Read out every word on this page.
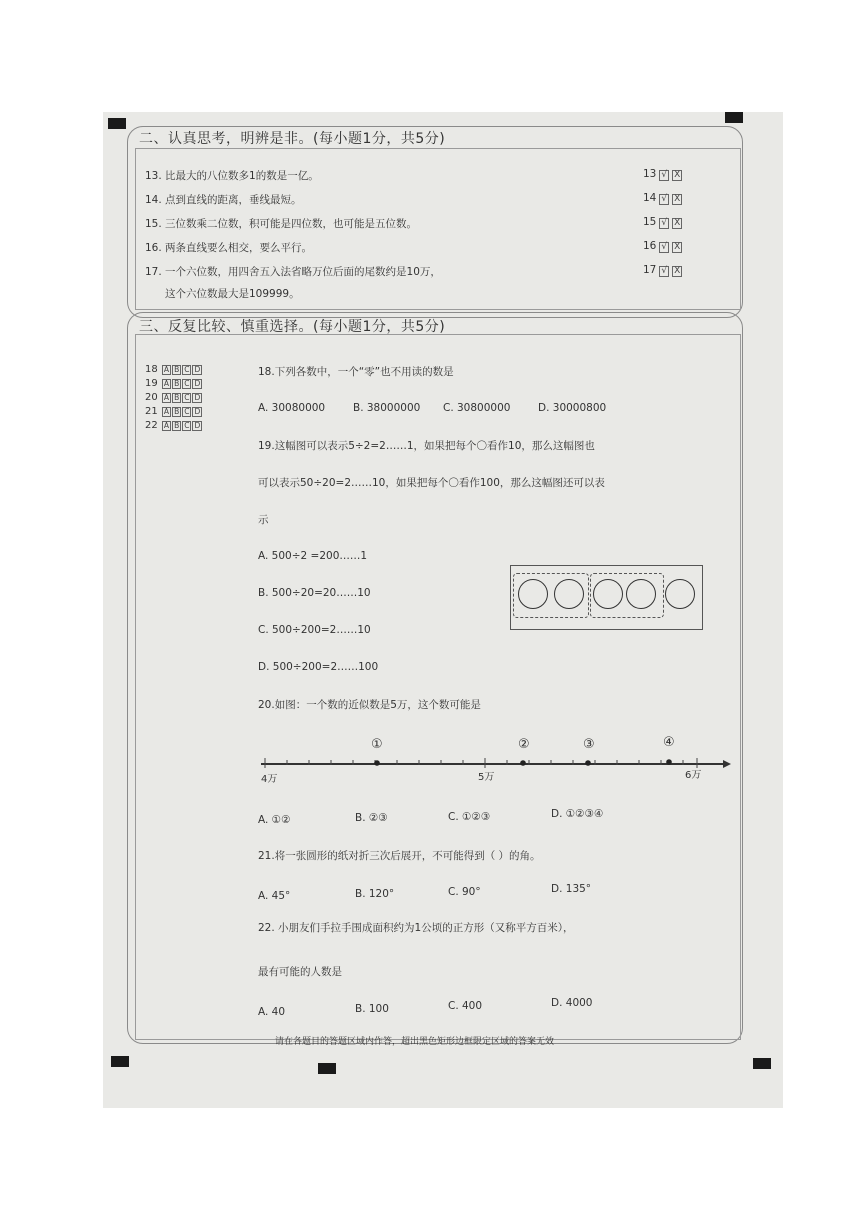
二、认真思考，明辨是非。(每小题1分，共5分)
13. 比最大的八位数多1的数是一亿。
14. 点到直线的距离，垂线最短。
15. 三位数乘二位数，积可能是四位数，也可能是五位数。
16. 两条直线要么相交，要么平行。
17. 一个六位数，用四舍五入法省略万位后面的尾数约是10万，
这个六位数最大是109999。
13 √ X
14 √ X
15 √ X
16 √ X
17 √ X
三、反复比较、慎重选择。(每小题1分，共5分)
18 A B C D
19 A B C D
20 A B C D
21 A B C D
22 A B C D
18.下列各数中，一个“零”也不用读的数是
A. 30080000	B. 38000000 C. 30800000	D. 30000800
19.这幅图可以表示5÷2=2……1，如果把每个〇看作10，那么这幅图也
可以表示50÷20=2……10，如果把每个〇看作100，那么这幅图还可以表
示
A. 500÷2 =200……1
B. 500÷20=20……10
C. 500÷200=2……10
D. 500÷200=2……100
20.如图：一个数的近似数是5万，这个数可能是
①	②	③	④
4万	5万	6万
A. ①②	B. ②③	C. ①②③	D. ①②③④
21.将一张圆形的纸对折三次后展开，不可能得到（ ）的角。
A. 45°	B. 120°	C. 90°	D. 135°
22. 小朋友们手拉手围成面积约为1公顷的正方形（又称平方百米），
最有可能的人数是
A. 40	B. 100	C. 400	D. 4000
请在各题目的答题区域内作答，超出黑色矩形边框限定区域的答案无效
